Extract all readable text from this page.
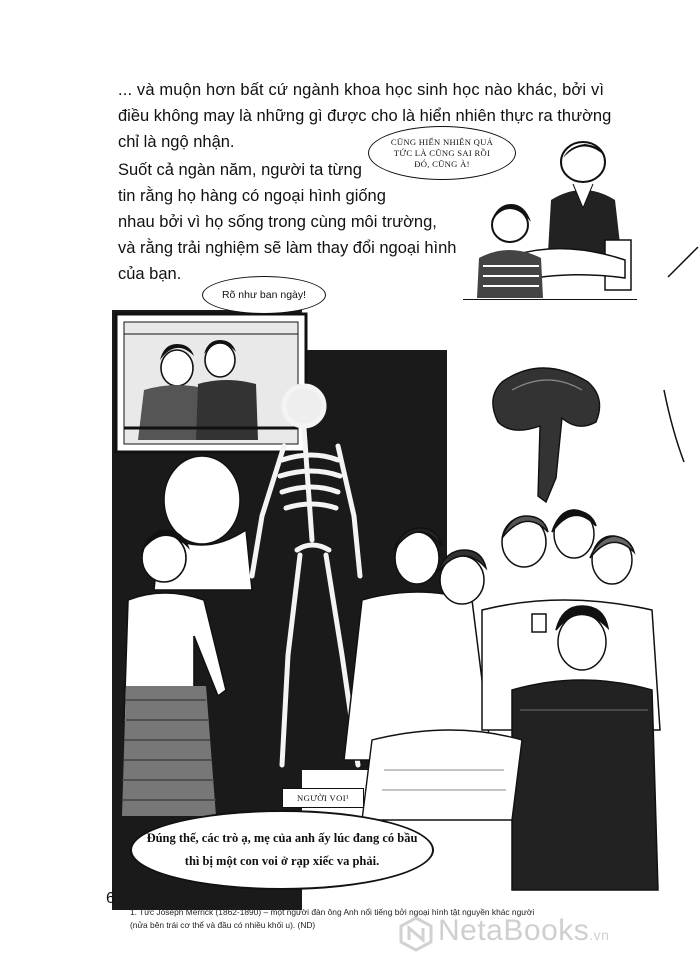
... và muộn hơn bất cứ ngành khoa học sinh học nào khác, bởi vì
điều không may là những gì được cho là hiển nhiên thực ra thường
chỉ là ngộ nhận.
Suốt cả ngàn năm, người ta từng
tin rằng họ hàng có ngoại hình giống
nhau bởi vì họ sống trong cùng môi trường,
và rằng trải nghiệm sẽ làm thay đổi ngoại hình
của bạn.
CŨNG HIỂN NHIÊN QUÁ
TỨC LÀ CŨNG SAI RỒI
ĐÓ, CŨNG À!
Rõ như ban ngày!
NGƯỜI VOI¹
Đúng thế, các trò ạ, mẹ của anh ấy lúc đang có bầu
thì bị một con voi ở rạp xiếc va phải.
6
1. Tức Joseph Merrick (1862-1890) – một người đàn ông Anh nổi tiếng bởi ngoại hình tật nguyền khác người
(nửa bên trái cơ thể và đầu có nhiều khối u). (ND)	NetaBooks.vn
